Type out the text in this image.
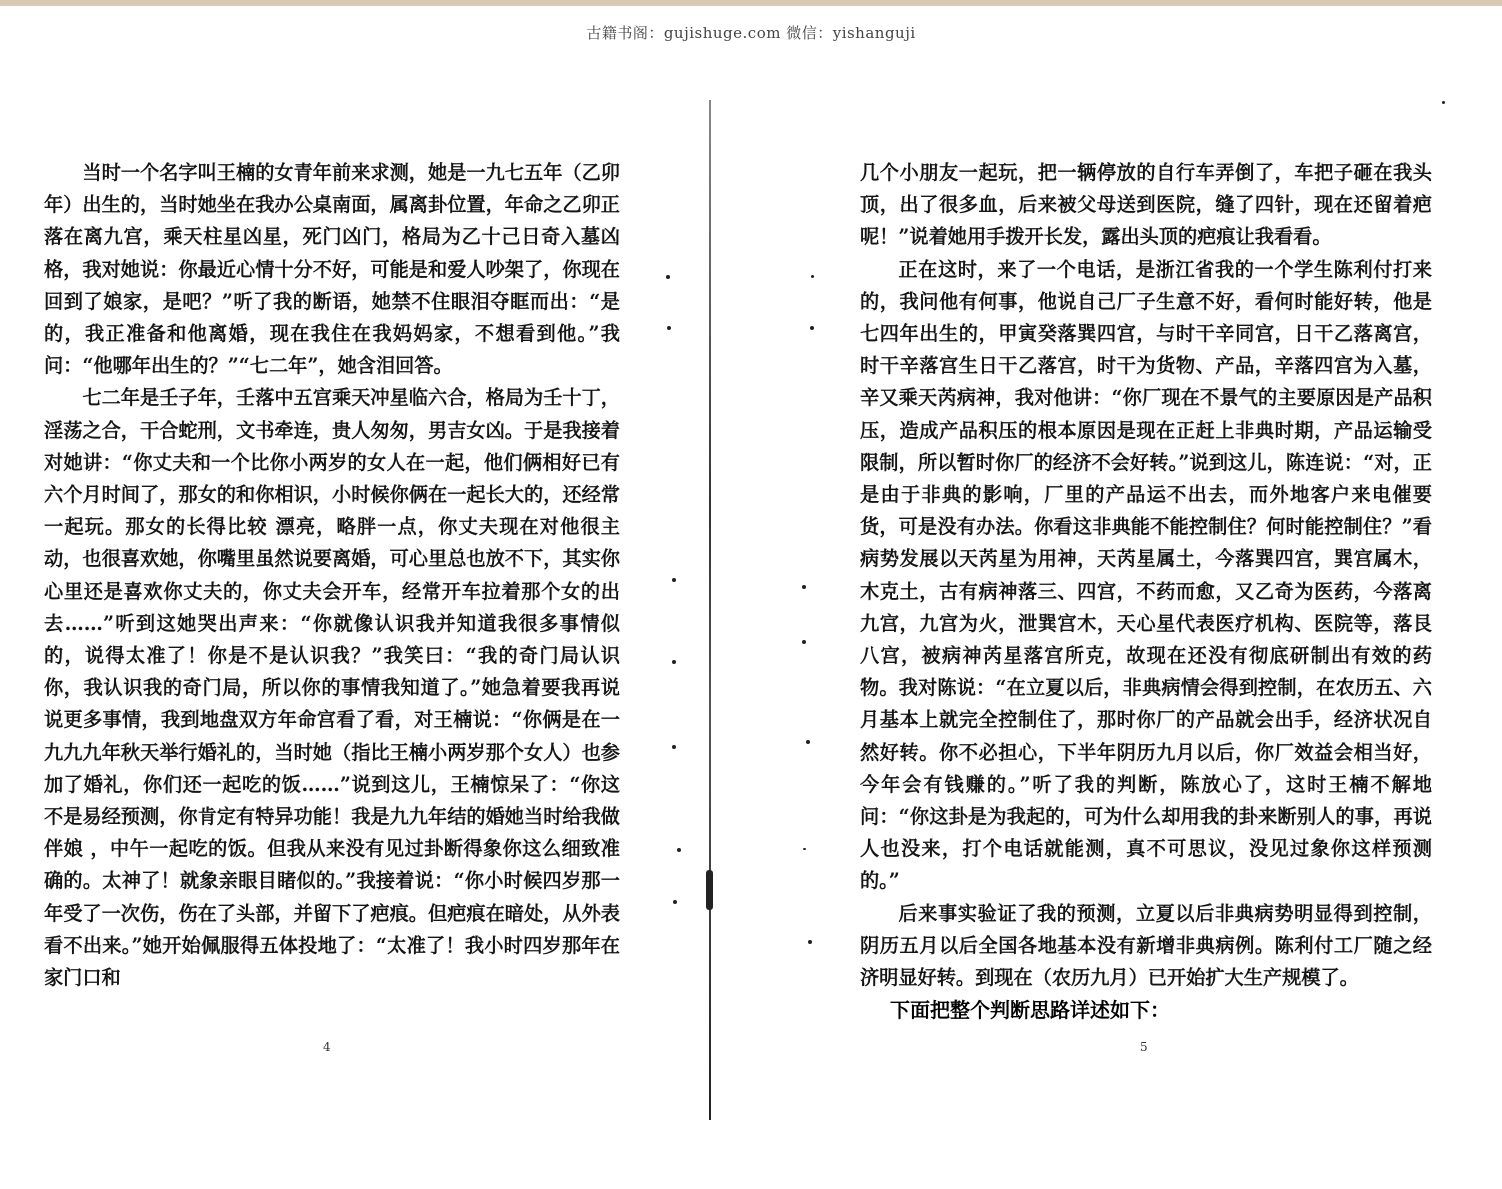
古籍书阁：gujishuge.com 微信：yishanguji

当时一个名字叫王楠的女青年前来求测，她是一九七五年（乙卯年）出生的，当时她坐在我办公桌南面，属离卦位置，年命之乙卯正落在离九宫，乘天柱星凶星，死门凶门，格局为乙十己日奇入墓凶格，我对她说：你最近心情十分不好，可能是和爱人吵架了，你现在回到了娘家，是吧？”听了我的断语，她禁不住眼泪夺眶而出：“是的，我正准备和他离婚，现在我住在我妈妈家，不想看到他。”我问：“他哪年出生的？”“七二年”，她含泪回答。

七二年是壬子年，壬落中五宫乘天冲星临六合，格局为壬十丁，淫荡之合，干合蛇刑，文书牵连，贵人匆匆，男吉女凶。于是我接着对她讲：“你丈夫和一个比你小两岁的女人在一起，他们俩相好已有六个月时间了，那女的和你相识，小时候你俩在一起长大的，还经常一起玩。那女的长得比较 漂亮，略胖一点，你丈夫现在对他很主动，也很喜欢她，你嘴里虽然说要离婚，可心里总也放不下，其实你心里还是喜欢你丈夫的，你丈夫会开车，经常开车拉着那个女的出去……”听到这她哭出声来：“你就像认识我并知道我很多事情似的，说得太准了！你是不是认识我？”我笑曰：“我的奇门局认识你，我认识我的奇门局，所以你的事情我知道了。”她急着要我再说说更多事情，我到地盘双方年命宫看了看，对王楠说：“你俩是在一九九九年秋天举行婚礼的，当时她（指比王楠小两岁那个女人）也参加了婚礼，你们还一起吃的饭……”说到这儿，王楠惊呆了：“你这不是易经预测，你肯定有特异功能！我是九九年结的婚她当时给我做伴娘 ，中午一起吃的饭。但我从来没有见过卦断得象你这么细致准确的。太神了！就象亲眼目睹似的。”我接着说：“你小时候四岁那一年受了一次伤，伤在了头部，并留下了疤痕。但疤痕在暗处，从外表看不出来。”她开始佩服得五体投地了：“太准了！我小时四岁那年在家门口和

4

几个小朋友一起玩，把一辆停放的自行车弄倒了，车把子砸在我头顶，出了很多血，后来被父母送到医院，缝了四针，现在还留着疤呢！”说着她用手拨开长发，露出头顶的疤痕让我看看。

正在这时，来了一个电话，是浙江省我的一个学生陈利付打来的，我问他有何事，他说自己厂子生意不好，看何时能好转，他是七四年出生的，甲寅癸落巽四宫，与时干辛同宫，日干乙落离宫，时干辛落宫生日干乙落宫，时干为货物、产品，辛落四宫为入墓，辛又乘天芮病神，我对他讲：“你厂现在不景气的主要原因是产品积压，造成产品积压的根本原因是现在正赶上非典时期，产品运输受限制，所以暂时你厂的经济不会好转。”说到这儿，陈连说：“对，正是由于非典的影响，厂里的产品运不出去，而外地客户来电催要货，可是没有办法。你看这非典能不能控制住？何时能控制住？”看病势发展以天芮星为用神，天芮星属土，今落巽四宫，巽宫属木，木克土，古有病神落三、四宫，不药而愈，又乙奇为医药，今落离九宫，九宫为火，泄巽宫木，天心星代表医疗机构、医院等，落艮八宫，被病神芮星落宫所克，故现在还没有彻底研制出有效的药物。我对陈说：“在立夏以后，非典病情会得到控制，在农历五、六月基本上就完全控制住了，那时你厂的产品就会出手，经济状况自然好转。你不必担心，下半年阴历九月以后，你厂效益会相当好，今年会有钱赚的。”听了我的判断，陈放心了，这时王楠不解地问：“你这卦是为我起的，可为什么却用我的卦来断别人的事，再说人也没来，打个电话就能测，真不可思议，没见过象你这样预测的。”

后来事实验证了我的预测，立夏以后非典病势明显得到控制，阴历五月以后全国各地基本没有新增非典病例。陈利付工厂随之经济明显好转。到现在（农历九月）已开始扩大生产规模了。

下面把整个判断思路详述如下：

5
